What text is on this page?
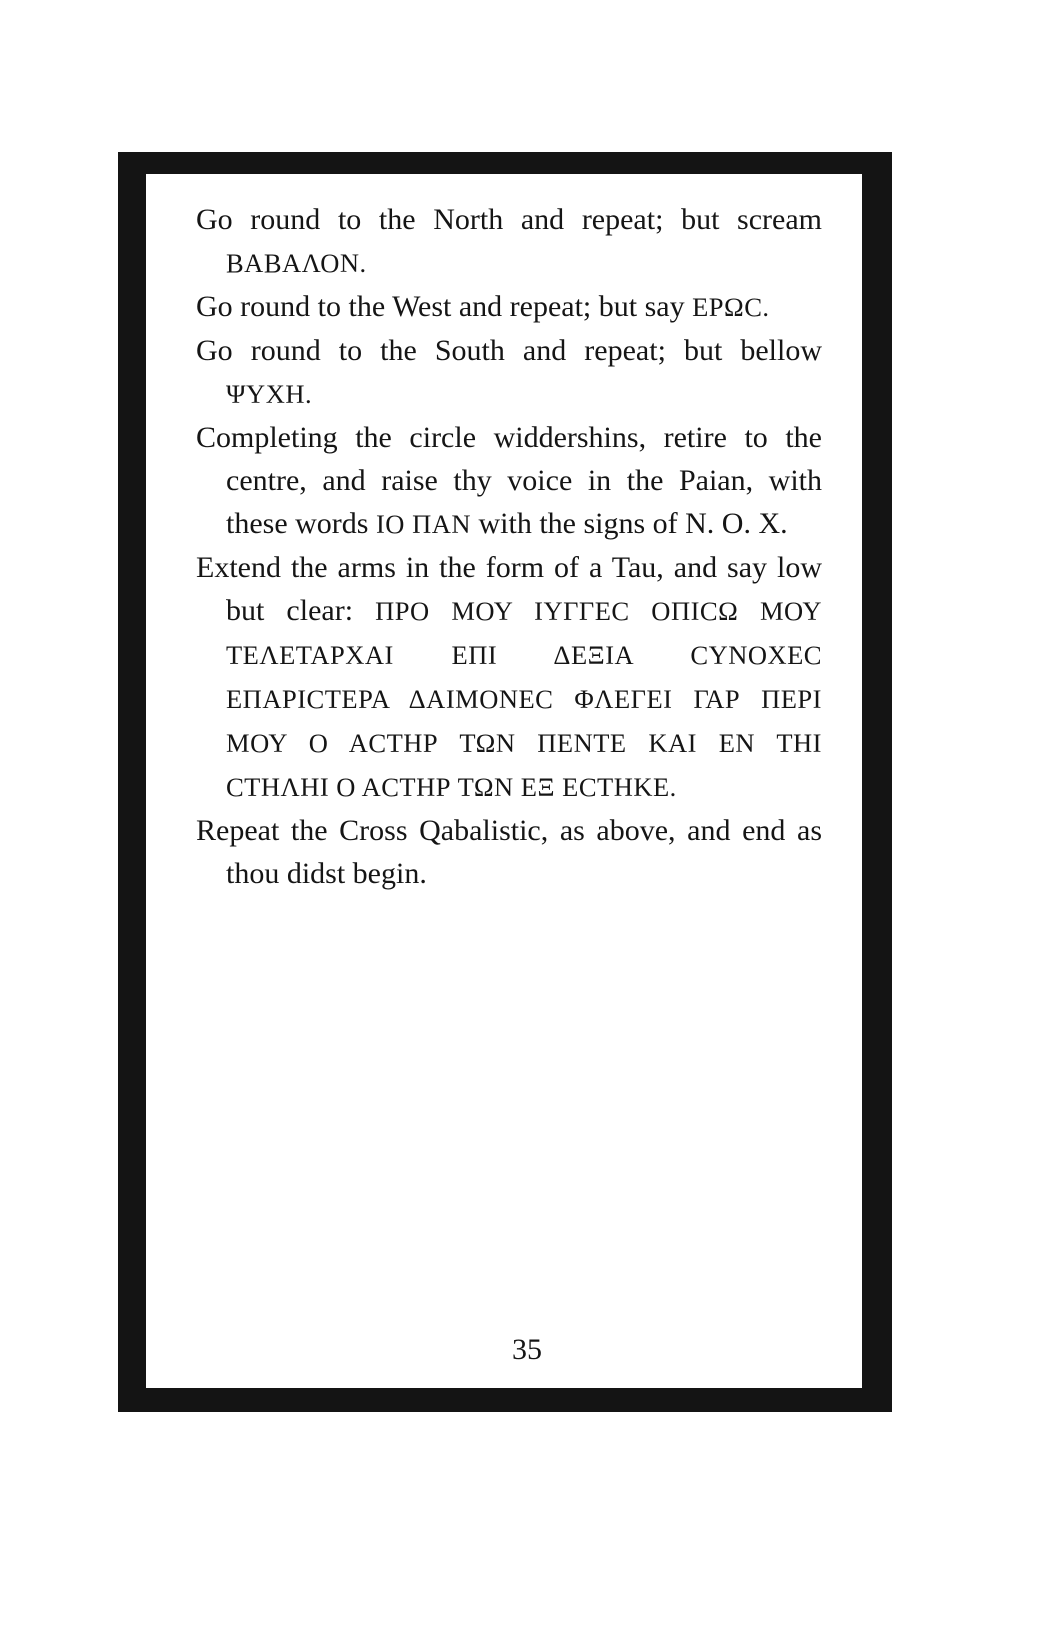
Go round to the North and repeat; but scream ΒΑΒΑΛΟΝ.

Go round to the West and repeat; but say ΕΡΩϹ.

Go round to the South and repeat; but bellow ΨΥΧΗ.

Completing the circle widdershins, retire to the centre, and raise thy voice in the Paian, with these words ΙΟ ΠΑΝ with the signs of N. O. X.

Extend the arms in the form of a Tau, and say low but clear: ΠΡΟ ΜΟΥ ΙΥΓΓΕϹ ΟΠΙϹΩ ΜΟΥ ΤΕΛΕΤΑΡΧΑΙ ΕΠΙ ΔΕΞΙΑ ϹΥΝΟΧΕϹ ΕΠΑΡΙϹΤΕΡΑ ΔΑΙΜΟΝΕϹ ΦΛΕΓΕΙ ΓΑΡ ΠΕΡΙ ΜΟΥ Ο ΑϹΤΗΡ ΤΩΝ ΠΕΝΤΕ ΚΑΙ ΕΝ ΤΗΙ ϹΤΗΛΗΙ Ο ΑϹΤΗΡ ΤΩΝ ΕΞ ΕϹΤΗΚΕ.

Repeat the Cross Qabalistic, as above, and end as thou didst begin.

35
